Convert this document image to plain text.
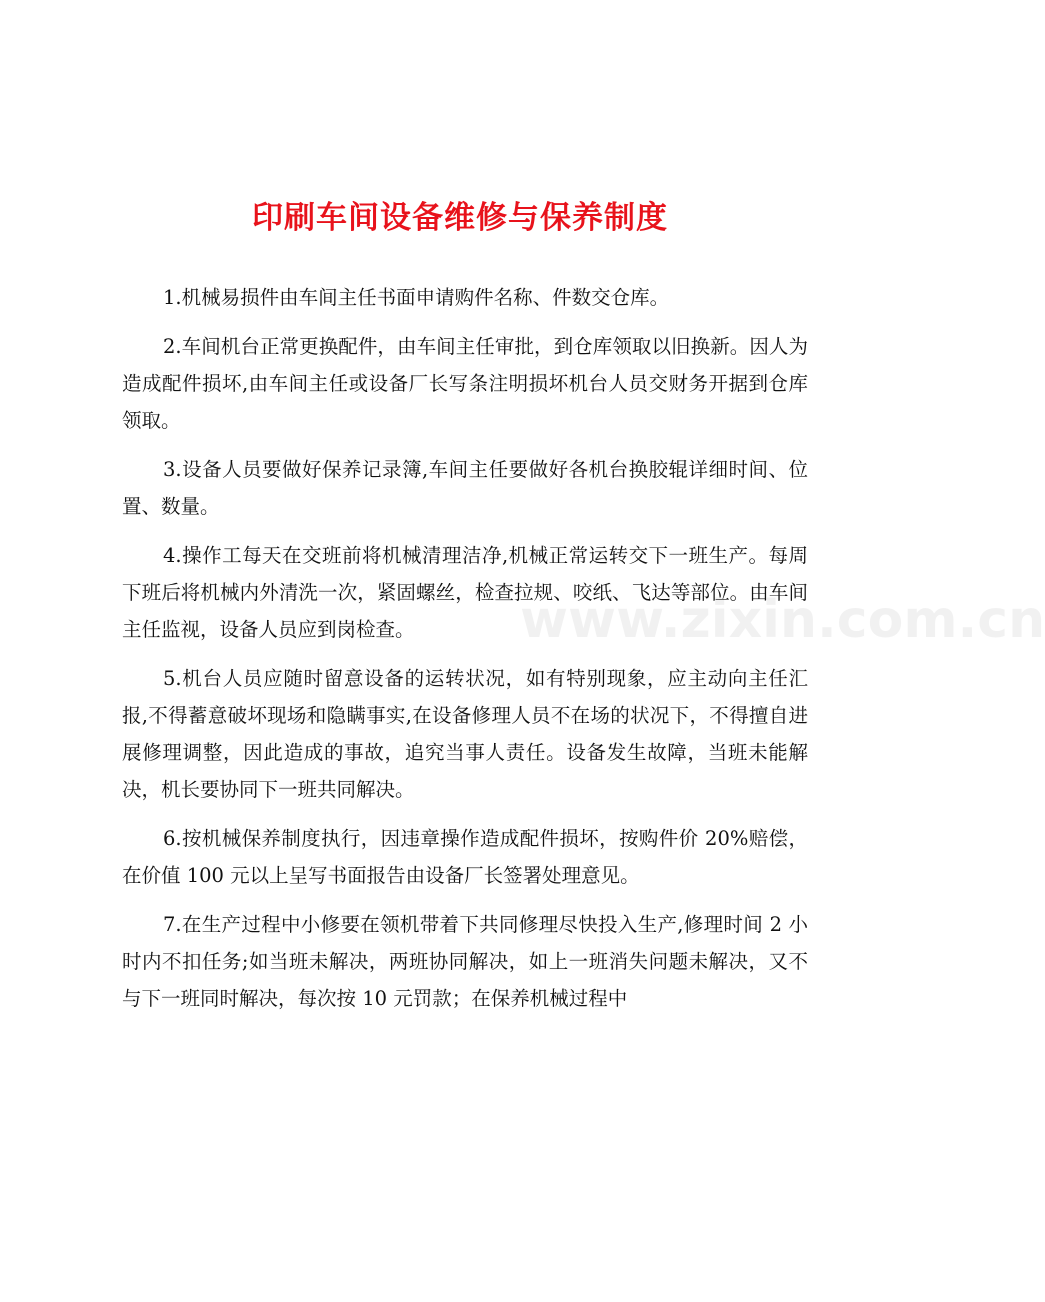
www.zixin.com.cn
印刷车间设备维修与保养制度

1.机械易损件由车间主任书面申请购件名称、件数交仓库。

2.车间机台正常更换配件，由车间主任审批，到仓库领取以旧换新。因人为造成配件损坏,由车间主任或设备厂长写条注明损坏机台人员交财务开据到仓库领取。

3.设备人员要做好保养记录簿,车间主任要做好各机台换胶辊详细时间、位置、数量。

4.操作工每天在交班前将机械清理洁净,机械正常运转交下一班生产。每周下班后将机械内外清洗一次，紧固螺丝，检查拉规、咬纸、飞达等部位。由车间主任监视，设备人员应到岗检查。

5.机台人员应随时留意设备的运转状况，如有特别现象，应主动向主任汇报,不得蓄意破坏现场和隐瞒事实,在设备修理人员不在场的状况下，不得擅自进展修理调整，因此造成的事故，追究当事人责任。设备发生故障，当班未能解决，机长要协同下一班共同解决。

6.按机械保养制度执行，因违章操作造成配件损坏，按购件价 20%赔偿，在价值 100 元以上呈写书面报告由设备厂长签署处理意见。

7.在生产过程中小修要在领机带着下共同修理尽快投入生产,修理时间 2 小时内不扣任务;如当班未解决，两班协同解决，如上一班消失问题未解决，又不与下一班同时解决，每次按 10 元罚款；在保养机械过程中
